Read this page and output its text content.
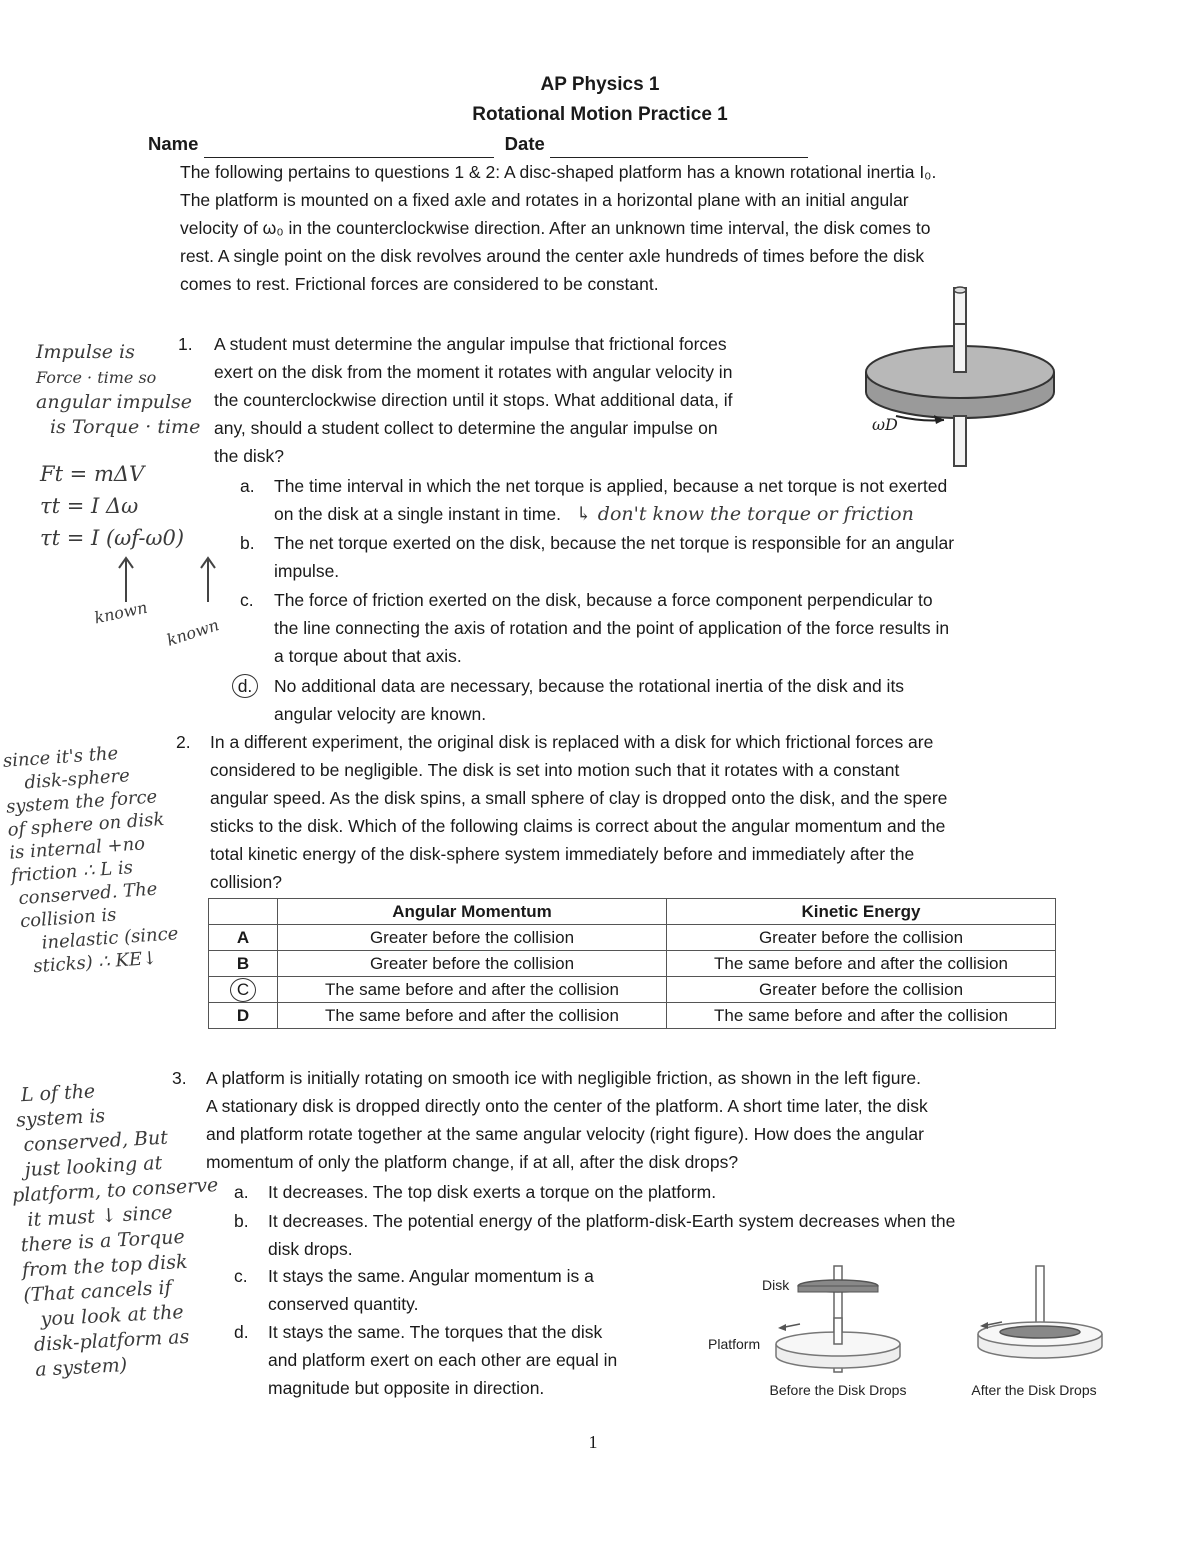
AP Physics 1
Rotational Motion Practice 1
Name	Date
The following pertains to questions 1 & 2: A disc-shaped platform has a known rotational inertia I₀.
The platform is mounted on a fixed axle and rotates in a horizontal plane with an initial angular
velocity of ω₀ in the counterclockwise direction. After an unknown time interval, the disk comes to
rest. A single point on the disk revolves around the center axle hundreds of times before the disk
comes to rest. Frictional forces are considered to be constant.
1. A student must determine the angular impulse that frictional forces
exert on the disk from the moment it rotates with angular velocity in
the counterclockwise direction until it stops. What additional data, if
any, should a student collect to determine the angular impulse on
the disk?
ωD
a. The time interval in which the net torque is applied, because a net torque is not exerted
on the disk at a single instant in time. ↳ don't know the torque or friction
b. The net torque exerted on the disk, because the net torque is responsible for an angular
impulse.
c. The force of friction exerted on the disk, because a force component perpendicular to
the line connecting the axis of rotation and the point of application of the force results in
a torque about that axis.
d.	No additional data are necessary, because the rotational inertia of the disk and its
angular velocity are known.
Impulse is
Force · time so
angular impulse
is Torque · time
Ft = mΔV
τt = I Δω
τt = I (ωf-ω0)
known
known
2. In a different experiment, the original disk is replaced with a disk for which frictional forces are
considered to be negligible. The disk is set into motion such that it rotates with a constant
angular speed. As the disk spins, a small sphere of clay is dropped onto the disk, and the spere
sticks to the disk. Which of the following claims is correct about the angular momentum and the
total kinetic energy of the disk-sphere system immediately before and immediately after the
collision?
	Angular Momentum	Kinetic Energy
A	Greater before the collision	Greater before the collision
B	Greater before the collision	The same before and after the collision
C	The same before and after the collision	Greater before the collision
D	The same before and after the collision	The same before and after the collision
since it's the
disk-sphere
system the force
of sphere on disk
is internal +no
friction ∴ L is
conserved. The
collision is
inelastic (since
sticks) ∴ KE↓
3. A platform is initially rotating on smooth ice with negligible friction, as shown in the left figure.
A stationary disk is dropped directly onto the center of the platform. A short time later, the disk
and platform rotate together at the same angular velocity (right figure). How does the angular
momentum of only the platform change, if at all, after the disk drops?
a. It decreases. The top disk exerts a torque on the platform.
b. It decreases. The potential energy of the platform-disk-Earth system decreases when the
disk drops.
c. It stays the same. Angular momentum is a
conserved quantity.
d. It stays the same. The torques that the disk
and platform exert on each other are equal in
magnitude but opposite in direction.
Disk
Platform
Before the Disk Drops	After the Disk Drops
L of the
system is
conserved, But
just looking at
platform, to conserve
it must ↓ since
there is a Torque
from the top disk
(That cancels if
you look at the
disk-platform as
a system)
1
